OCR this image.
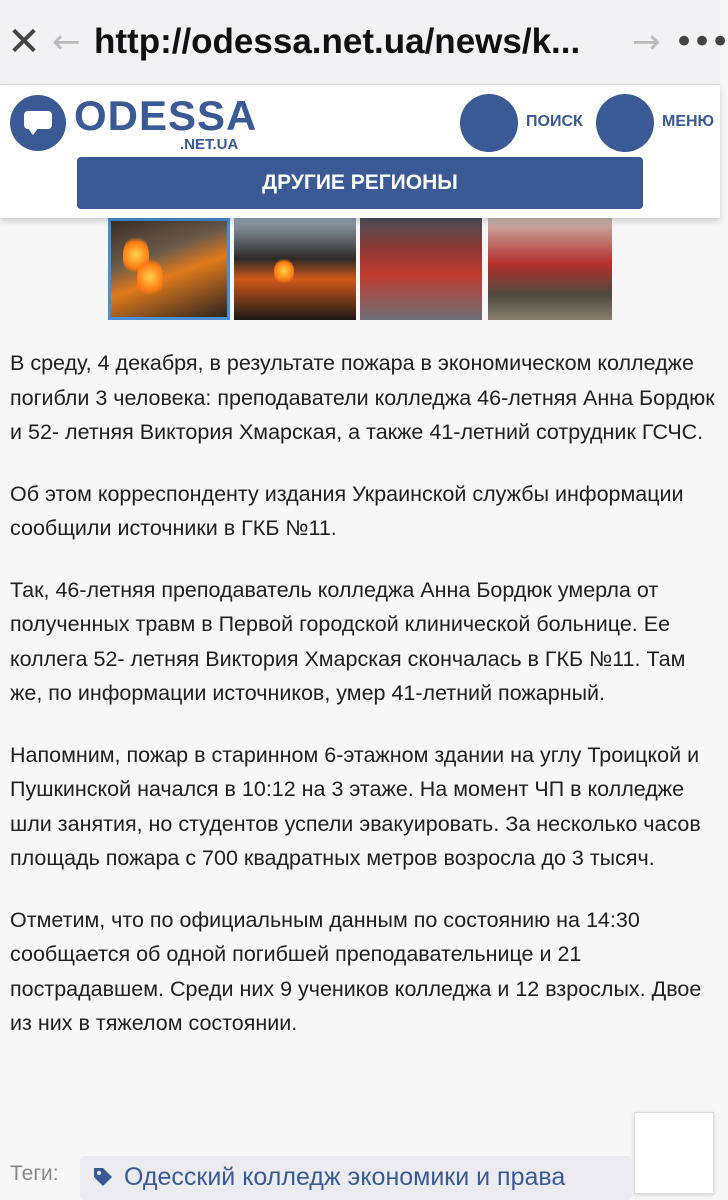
✕ ← http://odessa.net.ua/news/k...	→ •••
ODESSA
.NET.UA
ПОИСК	МЕНЮ
ДРУГИЕ РЕГИОНЫ

В среду, 4 декабря, в результате пожара в экономическом колледже погибли 3 человека: преподаватели колледжа 46-летняя Анна Бордюк и 52- летняя Виктория Хмарская, а также 41-летний сотрудник ГСЧС.

Об этом корреспонденту издания Украинской службы информации сообщили источники в ГКБ №11.

Так, 46-летняя преподаватель колледжа Анна Бордюк умерла от полученных травм в Первой городской клинической больнице. Ее коллега 52- летняя Виктория Хмарская скончалась в ГКБ №11. Там же, по информации источников, умер 41-летний пожарный.

Напомним, пожар в старинном 6-этажном здании на углу Троицкой и Пушкинской начался в 10:12 на 3 этаже. На момент ЧП в колледже шли занятия, но студентов успели эвакуировать. За несколько часов площадь пожара с 700 квадратных метров возросла до 3 тысяч.

Отметим, что по официальным данным по состоянию на 14:30 сообщается об одной погибшей преподавательнице и 21 пострадавшем. Среди них 9 учеников колледжа и 12 взрослых. Двое из них в тяжелом состоянии.

Теги:	Одесский колледж экономики и права
